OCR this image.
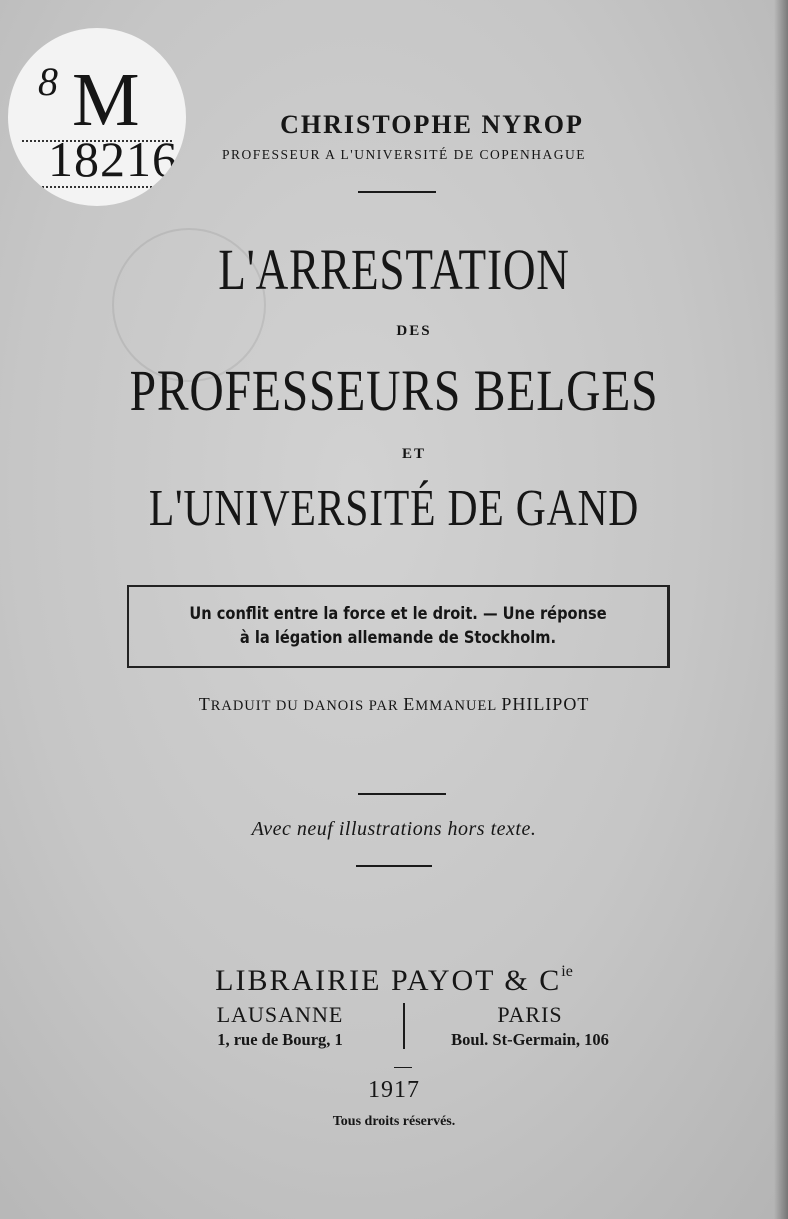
8 M
18216
CHRISTOPHE NYROP
PROFESSEUR A L'UNIVERSITÉ DE COPENHAGUE
L'ARRESTATION
DES
PROFESSEURS BELGES
ET
L'UNIVERSITÉ DE GAND
Un conflit entre la force et le droit. — Une réponse
à la légation allemande de Stockholm.
TRADUIT DU DANOIS PAR EMMANUEL PHILIPOT
Avec neuf illustrations hors texte.
LIBRAIRIE PAYOT & $C^{ie}$
LAUSANNE
1, rue de Bourg, 1
PARIS
Boul. St-Germain, 106
1917
Tous droits réservés.
